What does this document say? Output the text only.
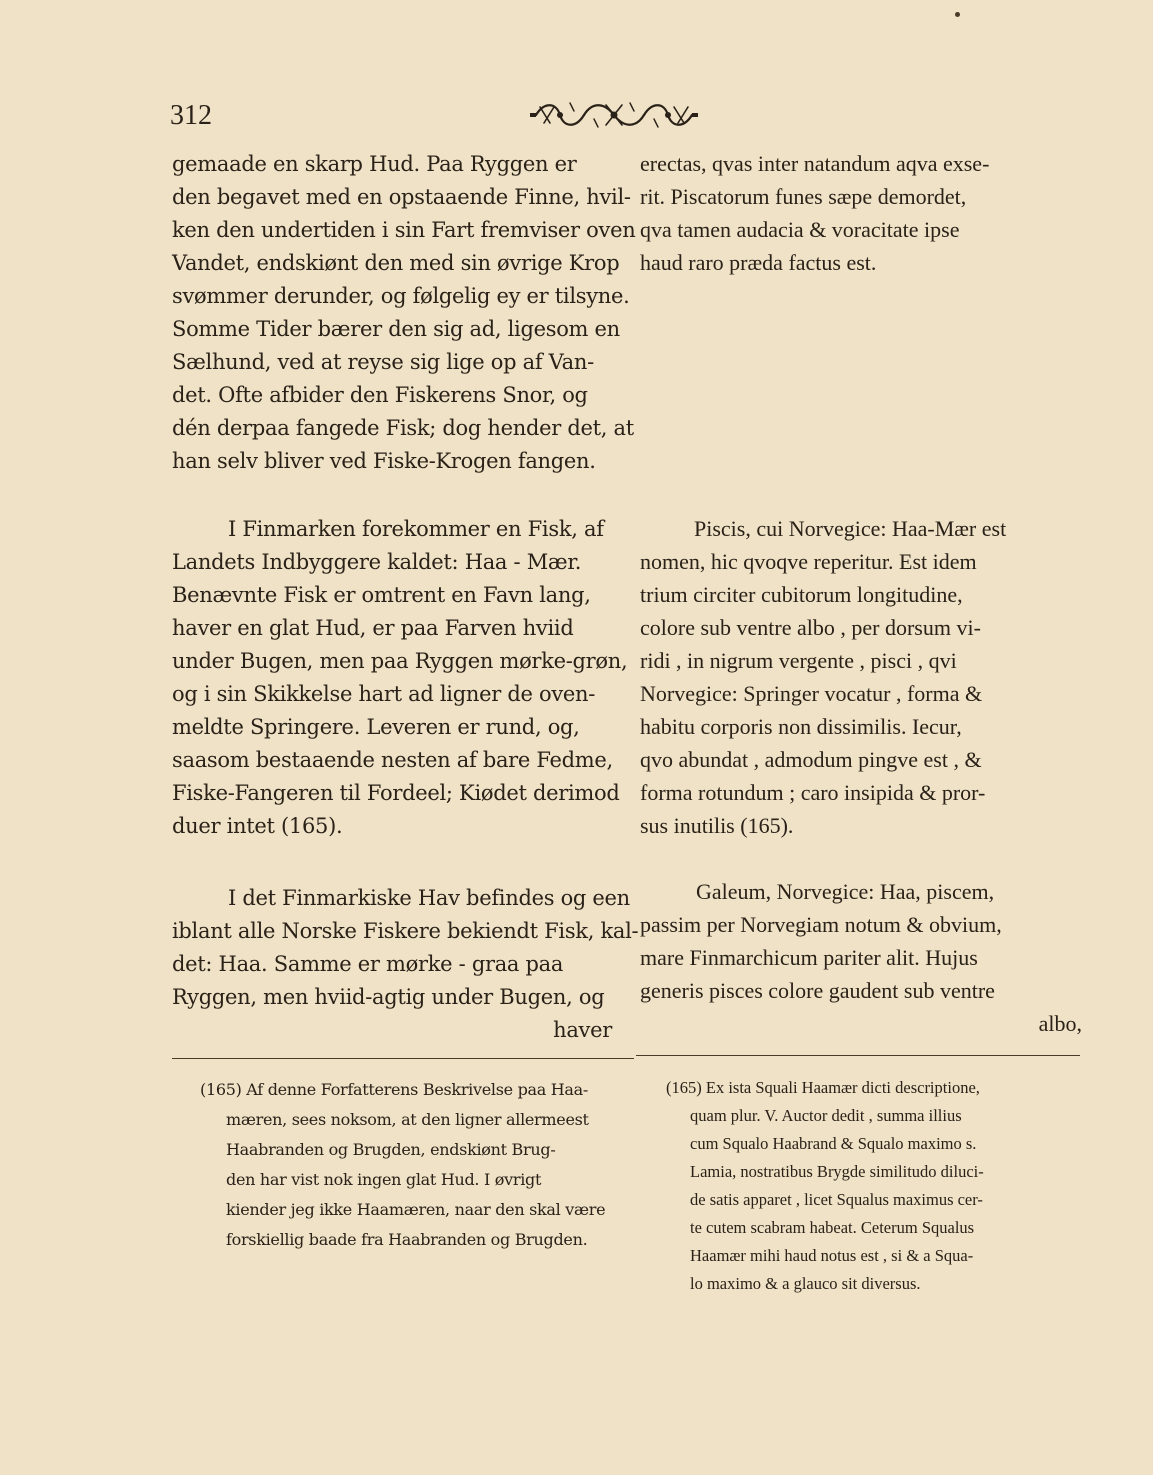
312
gemaade en skarp Hud. Paa Ryggen er
den begavet med en opstaaende Finne, hvil-
ken den undertiden i sin Fart fremviser oven
Vandet, endskiønt den med sin øvrige Krop
svømmer derunder, og følgelig ey er tilsyne.
Somme Tider bærer den sig ad, ligesom en
Sælhund, ved at reyse sig lige op af Van-
det. Ofte afbider den Fiskerens Snor, og
dén derpaa fangede Fisk; dog hender det, at
han selv bliver ved Fiske-Krogen fangen.
I Finmarken forekommer en Fisk, af
Landets Indbyggere kaldet: Haa - Mær.
Benævnte Fisk er omtrent en Favn lang,
haver en glat Hud, er paa Farven hviid
under Bugen, men paa Ryggen mørke-grøn,
og i sin Skikkelse hart ad ligner de oven-
meldte Springere. Leveren er rund, og,
saasom bestaaende nesten af bare Fedme,
Fiske-Fangeren til Fordeel; Kiødet derimod
duer intet (165).
I det Finmarkiske Hav befindes og een
iblant alle Norske Fiskere bekiendt Fisk, kal-
det: Haa. Samme er mørke - graa paa
Ryggen, men hviid-agtig under Bugen, og
haver
erectas, qvas inter natandum aqva exse-
rit. Piscatorum funes sæpe demordet,
qva tamen audacia & voracitate ipse
haud raro præda factus est.
Piscis, cui Norvegice: Haa-Mær est
nomen, hic qvoqve reperitur. Est idem
trium circiter cubitorum longitudine,
colore sub ventre albo , per dorsum vi-
ridi , in nigrum vergente , pisci , qvi
Norvegice: Springer vocatur , forma &
habitu corporis non dissimilis. Iecur,
qvo abundat , admodum pingve est , &
forma rotundum ; caro insipida & pror-
sus inutilis (165).
Galeum, Norvegice: Haa, piscem,
passim per Norvegiam notum & obvium,
mare Finmarchicum pariter alit. Hujus
generis pisces colore gaudent sub ventre
albo,
(165) Af denne Forfatterens Beskrivelse paa Haa-
mæren, sees noksom, at den ligner allermeest
Haabranden og Brugden, endskiønt Brug-
den har vist nok ingen glat Hud. I øvrigt
kiender jeg ikke Haamæren, naar den skal være
forskiellig baade fra Haabranden og Brugden.
(165) Ex ista Squali Haamær dicti descriptione,
quam plur. V. Auctor dedit , summa illius
cum Squalo Haabrand & Squalo maximo s.
Lamia, nostratibus Brygde similitudo diluci-
de satis apparet , licet Squalus maximus cer-
te cutem scabram habeat. Ceterum Squalus
Haamær mihi haud notus est , si & a Squa-
lo maximo & a glauco sit diversus.
